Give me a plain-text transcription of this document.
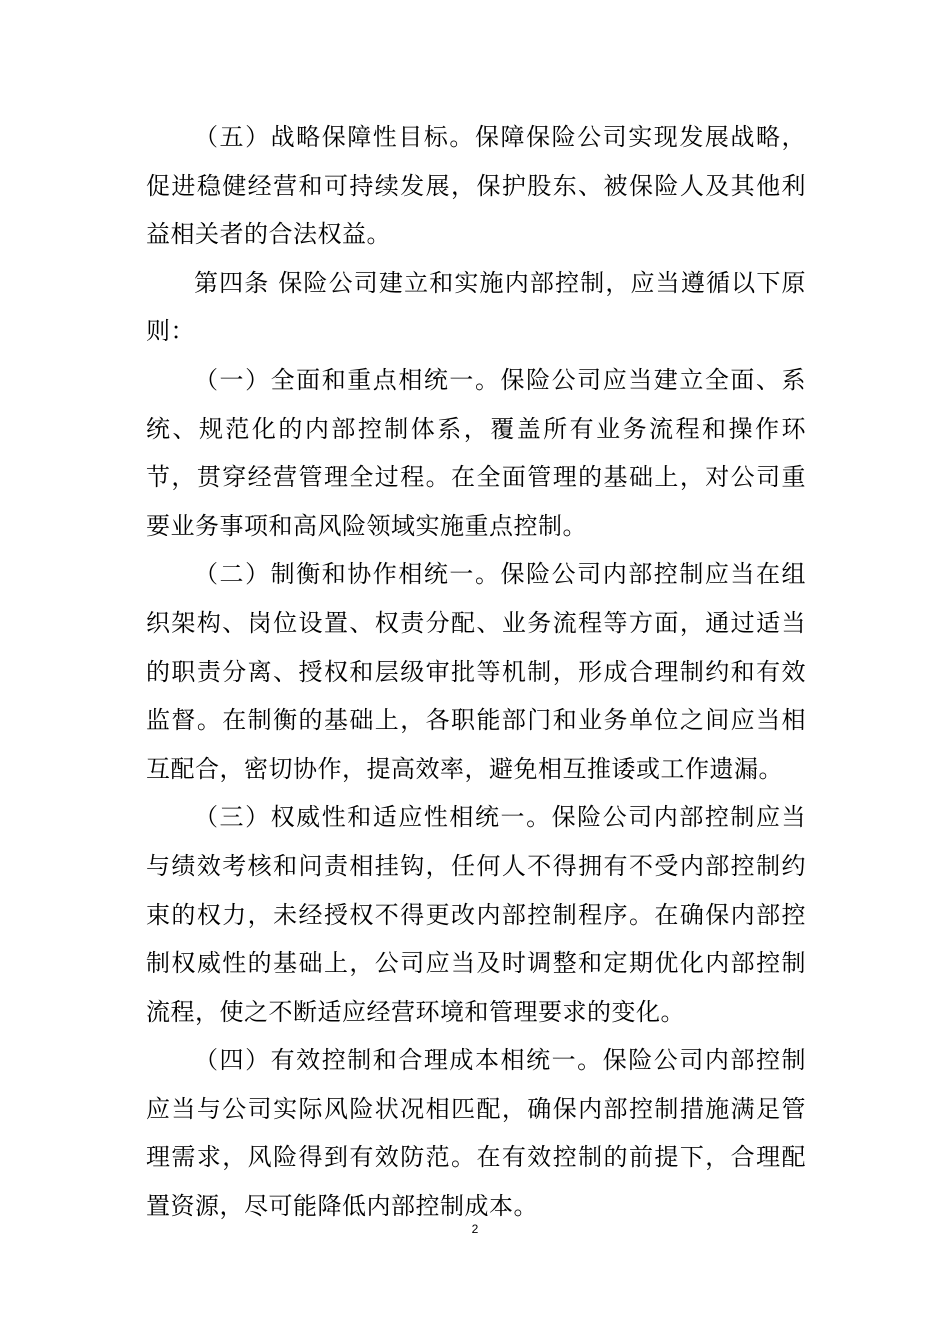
（五）战略保障性目标。保障保险公司实现发展战略，促进稳健经营和可持续发展，保护股东、被保险人及其他利益相关者的合法权益。

第四条 保险公司建立和实施内部控制，应当遵循以下原则：

（一）全面和重点相统一。保险公司应当建立全面、系统、规范化的内部控制体系，覆盖所有业务流程和操作环节，贯穿经营管理全过程。在全面管理的基础上，对公司重要业务事项和高风险领域实施重点控制。

（二）制衡和协作相统一。保险公司内部控制应当在组织架构、岗位设置、权责分配、业务流程等方面，通过适当的职责分离、授权和层级审批等机制，形成合理制约和有效监督。在制衡的基础上，各职能部门和业务单位之间应当相互配合，密切协作，提高效率，避免相互推诿或工作遗漏。

（三）权威性和适应性相统一。保险公司内部控制应当与绩效考核和问责相挂钩，任何人不得拥有不受内部控制约束的权力，未经授权不得更改内部控制程序。在确保内部控制权威性的基础上，公司应当及时调整和定期优化内部控制流程，使之不断适应经营环境和管理要求的变化。

（四）有效控制和合理成本相统一。保险公司内部控制应当与公司实际风险状况相匹配，确保内部控制措施满足管理需求，风险得到有效防范。在有效控制的前提下，合理配置资源，尽可能降低内部控制成本。

2
